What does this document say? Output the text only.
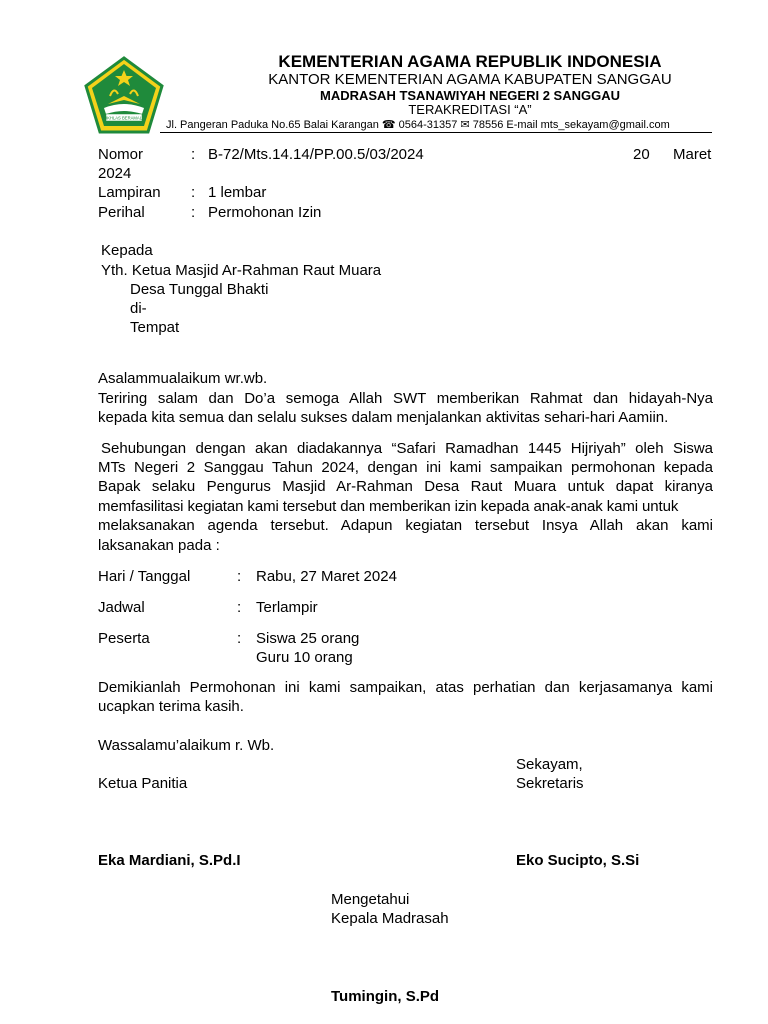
IKHLAS BERAMAL
KEMENTERIAN AGAMA REPUBLIK INDONESIA
KANTOR KEMENTERIAN AGAMA KABUPATEN SANGGAU
MADRASAH TSANAWIYAH NEGERI 2 SANGGAU
TERAKREDITASI “A”
Jl. Pangeran Paduka No.65 Balai Karangan ☎ 0564-31357 ✉ 78556 E-mail mts_sekayam@gmail.com
Nomor	: B-72/Mts.14.14/PP.00.5/03/2024	20 Maret
2024
Lampiran : 1 lembar
Perihal	: Permohonan Izin
Kepada
Yth. Ketua Masjid Ar-Rahman Raut Muara
Desa Tunggal Bhakti
di-
Tempat
Asalammualaikum wr.wb.
Teriring salam dan Do’a semoga Allah SWT memberikan Rahmat dan hidayah-Nya
kepada kita semua dan selalu sukses dalam menjalankan aktivitas sehari-hari Aamiin.
Sehubungan dengan akan diadakannya “Safari Ramadhan 1445 Hijriyah” oleh Siswa
MTs Negeri 2 Sanggau Tahun 2024, dengan ini kami sampaikan permohonan kepada
Bapak selaku Pengurus Masjid Ar-Rahman Desa Raut Muara untuk dapat kiranya
memfasilitasi kegiatan kami tersebut dan memberikan izin kepada anak-anak kami untuk
melaksanakan agenda tersebut. Adapun kegiatan tersebut Insya Allah akan kami
laksanakan pada :
Hari / Tanggal	: Rabu, 27 Maret 2024
Jadwal	: Terlampir
Peserta	: Siswa 25 orang
Guru 10 orang
Demikianlah Permohonan ini kami sampaikan, atas perhatian dan kerjasamanya kami
ucapkan terima kasih.
Wassalamu’alaikum r. Wb.
Sekayam,
Ketua Panitia	Sekretaris
Eka Mardiani, S.Pd.I	Eko Sucipto, S.Si
Mengetahui
Kepala Madrasah
Tumingin, S.Pd
